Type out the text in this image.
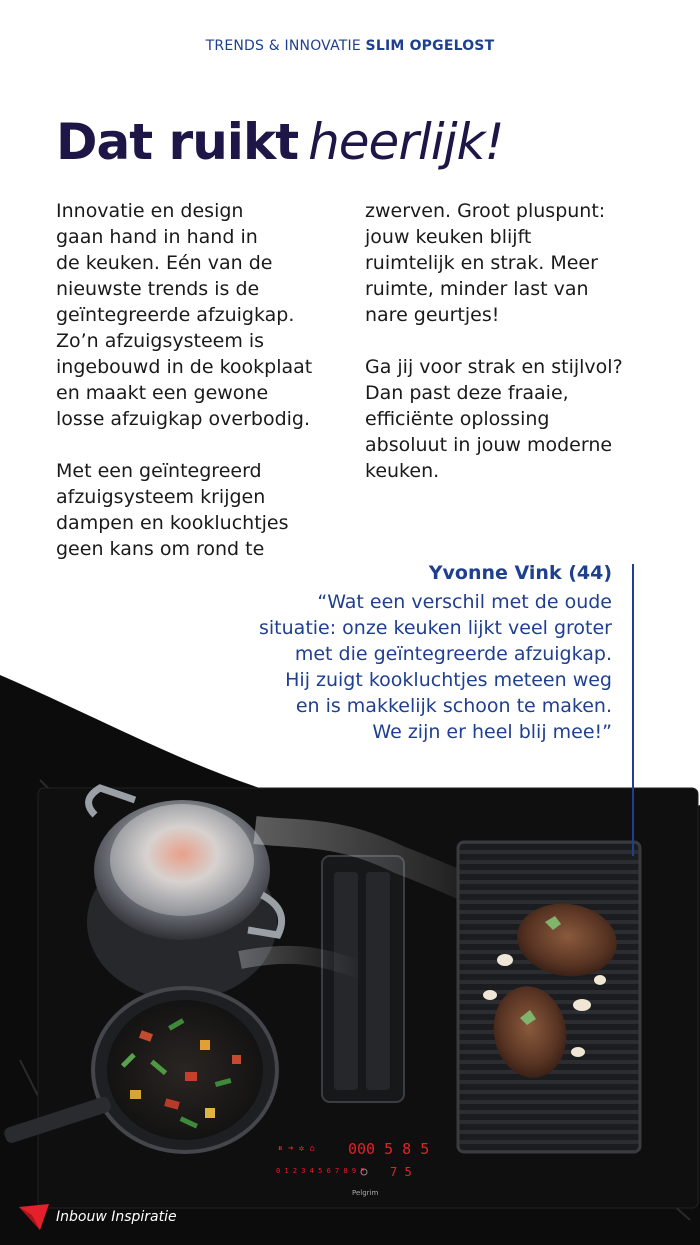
TRENDS & INNOVATIE SLIM OPGELOST
Dat ruikt heerlijk!

Innovatie en design
gaan hand in hand in
de keuken. Eén van de
nieuwste trends is de
geïntegreerde afzuigkap.
Zo’n afzuigsysteem is
ingebouwd in de kookplaat
en maakt een gewone
losse afzuigkap overbodig.

Met een geïntegreerd
afzuigsysteem krijgen
dampen en kookluchtjes
geen kans om rond te

zwerven. Groot pluspunt:
jouw keuken blijft
ruimtelijk en strak. Meer
ruimte, minder last van
nare geurtjes!

Ga jij voor strak en stijlvol?
Dan past deze fraaie,
efficiënte oplossing
absoluut in jouw moderne
keuken.

⏸ ➜ ✲ ⌂
0 1 2 3 4 5 6 7 8 9 P
000 5 8 5
7 5
Pelgrim
Yvonne Vink (44)
“Wat een verschil met de oude
situatie: onze keuken lijkt veel groter
met die geïntegreerde afzuigkap.
Hij zuigt kookluchtjes meteen weg
en is makkelijk schoon te maken.
We zijn er heel blij mee!”
Inbouw Inspiratie
